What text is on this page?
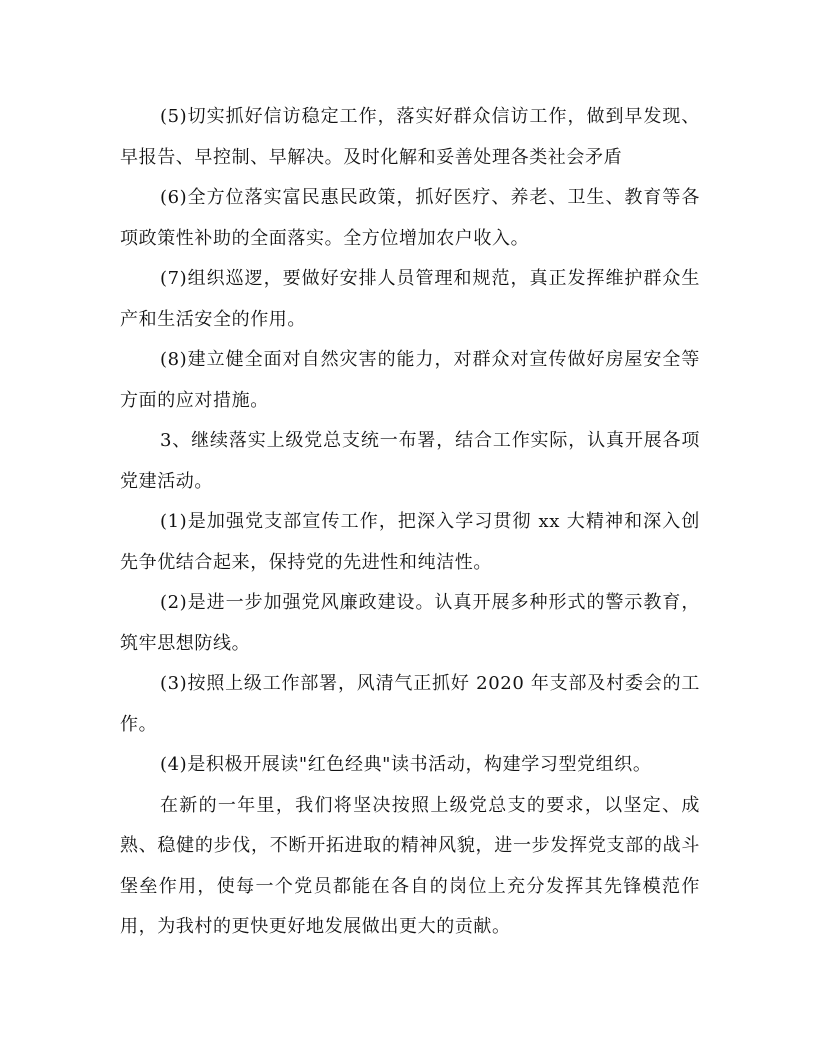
(5)切实抓好信访稳定工作，落实好群众信访工作，做到早发现、早报告、早控制、早解决。及时化解和妥善处理各类社会矛盾

(6)全方位落实富民惠民政策，抓好医疗、养老、卫生、教育等各项政策性补助的全面落实。全方位增加农户收入。

(7)组织巡逻，要做好安排人员管理和规范，真正发挥维护群众生产和生活安全的作用。

(8)建立健全面对自然灾害的能力，对群众对宣传做好房屋安全等方面的应对措施。

3、继续落实上级党总支统一布署，结合工作实际，认真开展各项党建活动。

(1)是加强党支部宣传工作，把深入学习贯彻 xx 大精神和深入创先争优结合起来，保持党的先进性和纯洁性。

(2)是进一步加强党风廉政建设。认真开展多种形式的警示教育，筑牢思想防线。

(3)按照上级工作部署，风清气正抓好 2020 年支部及村委会的工作。

(4)是积极开展读"红色经典"读书活动，构建学习型党组织。

在新的一年里，我们将坚决按照上级党总支的要求，以坚定、成熟、稳健的步伐，不断开拓进取的精神风貌，进一步发挥党支部的战斗堡垒作用，使每一个党员都能在各自的岗位上充分发挥其先锋模范作用，为我村的更快更好地发展做出更大的贡献。
